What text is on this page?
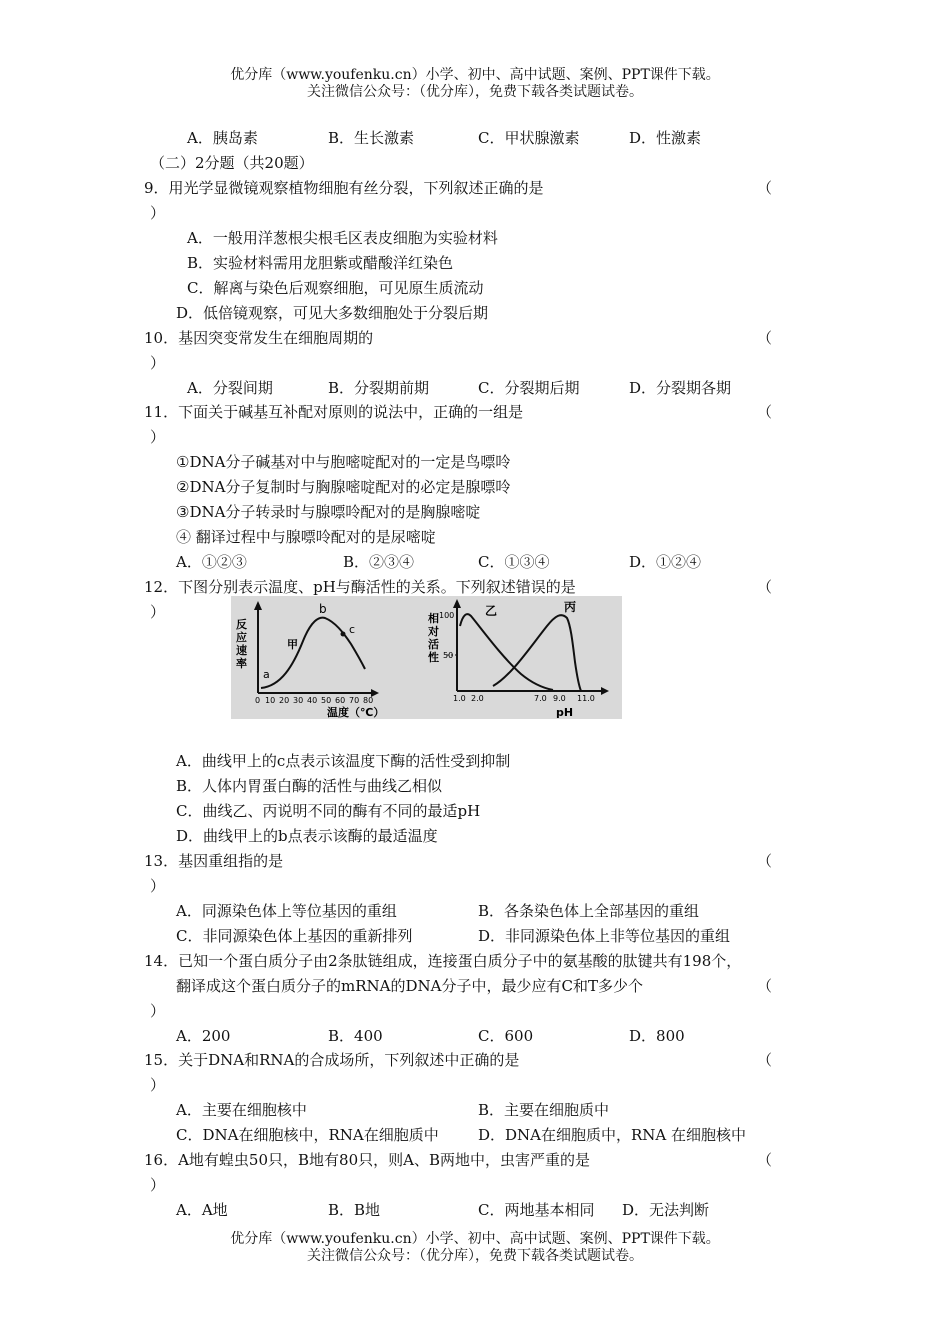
优分库（www.youfenku.cn）小学、初中、高中试题、案例、PPT课件下载。
关注微信公众号：（优分库），免费下载各类试题试卷。
A．胰岛素	B．生长激素	C．甲状腺激素	D．性激素
（二）2分题（共20题）
9．用光学显微镜观察植物细胞有丝分裂，下列叙述正确的是	（
）
A．一般用洋葱根尖根毛区表皮细胞为实验材料
B．实验材料需用龙胆紫或醋酸洋红染色
C．解离与染色后观察细胞，可见原生质流动
D．低倍镜观察，可见大多数细胞处于分裂后期
10．基因突变常发生在细胞周期的	（
）
A．分裂间期	B．分裂期前期	C．分裂期后期	D．分裂期各期
11．下面关于碱基互补配对原则的说法中，正确的一组是	（
）
①DNA分子碱基对中与胞嘧啶配对的一定是鸟嘌呤
②DNA分子复制时与胸腺嘧啶配对的必定是腺嘌呤
③DNA分子转录时与腺嘌呤配对的是胸腺嘧啶
④ 翻译过程中与腺嘌呤配对的是尿嘧啶
A．①②③	B．②③④	C．①③④	D．①②④
12．下图分别表示温度、pH与酶活性的关系。下列叙述错误的是	（
）
反
应
速
率
a
b
c
甲
0 10 20 30 40 50 60 70 80
温度（℃）
相
对
活
性
100
50
乙	丙
1.0 2.0	7.0 9.0 11.0
pH
A．曲线甲上的c点表示该温度下酶的活性受到抑制
B．人体内胃蛋白酶的活性与曲线乙相似
C．曲线乙、丙说明不同的酶有不同的最适pH
D．曲线甲上的b点表示该酶的最适温度
13．基因重组指的是	（
）
A．同源染色体上等位基因的重组	B．各条染色体上全部基因的重组
C．非同源染色体上基因的重新排列	D．非同源染色体上非等位基因的重组
14．已知一个蛋白质分子由2条肽链组成，连接蛋白质分子中的氨基酸的肽键共有198个，
翻译成这个蛋白质分子的mRNA的DNA分子中，最少应有C和T多少个	（
）
A．200	B．400	C．600	D．800
15．关于DNA和RNA的合成场所，下列叙述中正确的是	（
）
A．主要在细胞核中	B．主要在细胞质中
C．DNA在细胞核中，RNA在细胞质中	D．DNA在细胞质中，RNA 在细胞核中
16．A地有蝗虫50只，B地有80只，则A、B两地中，虫害严重的是	（
）
A．A地	B．B地	C．两地基本相同 D．无法判断
优分库（www.youfenku.cn）小学、初中、高中试题、案例、PPT课件下载。
关注微信公众号：（优分库），免费下载各类试题试卷。
